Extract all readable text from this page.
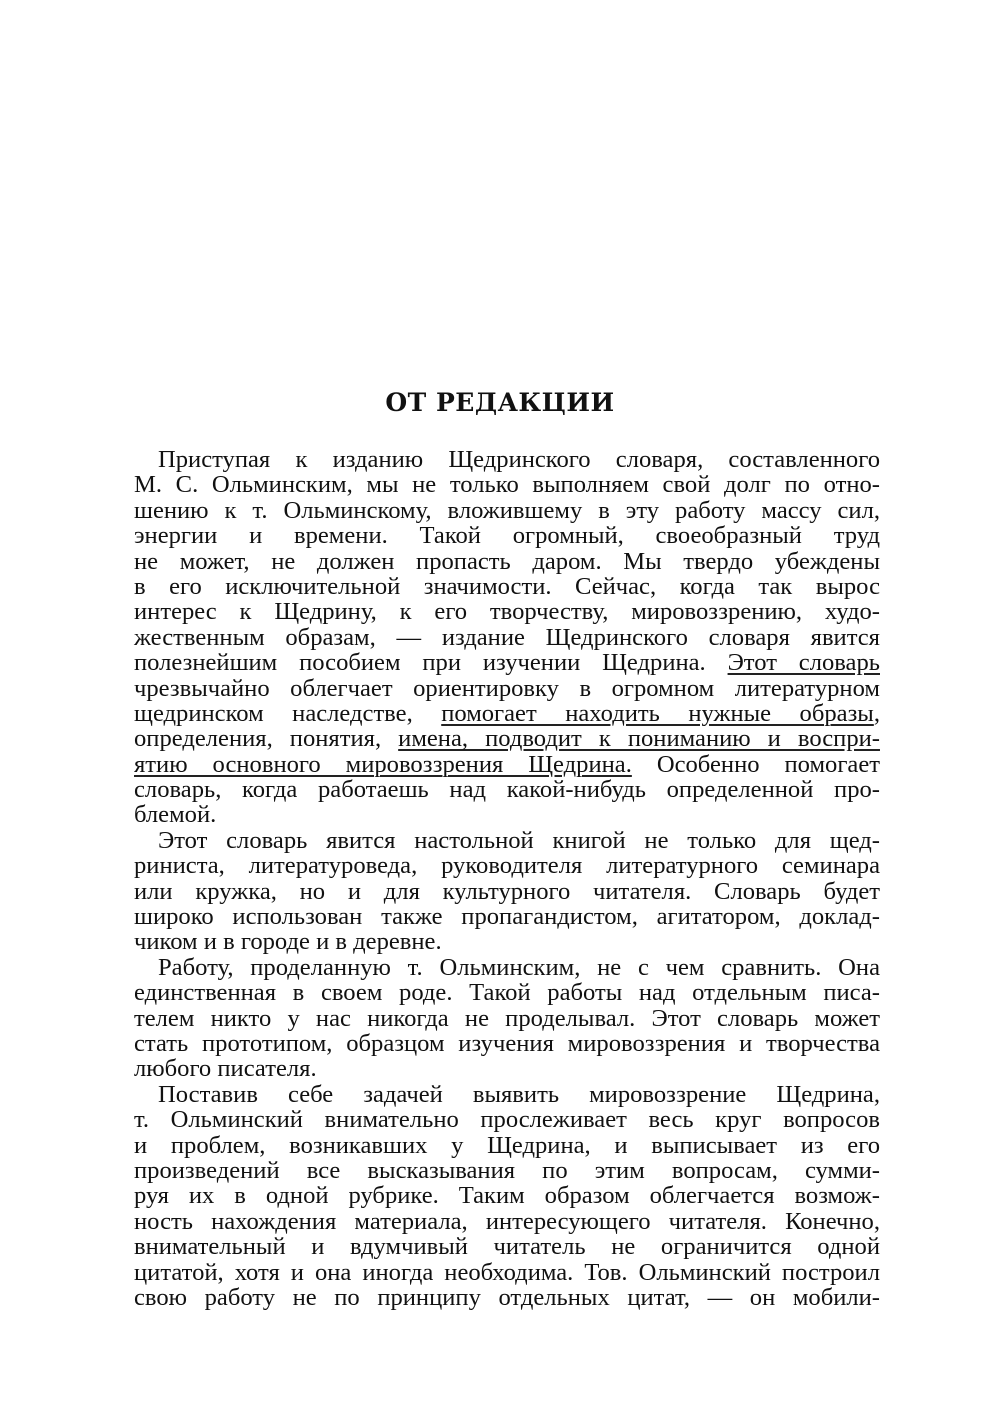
ОТ РЕДАКЦИИ
Приступая к изданию Щедринского словаря, составленного
М. С. Ольминским, мы не только выполняем свой долг по отно-
шению к т. Ольминскому, вложившему в эту работу массу сил,
энергии и времени. Такой огромный, своеобразный труд
не может, не должен пропасть даром. Мы твердо убеждены
в его исключительной значимости. Сейчас, когда так вырос
интерес к Щедрину, к его творчеству, мировоззрению, худо-
жественным образам, — издание Щедринского словаря явится
полезнейшим пособием при изучении Щедрина. Этот словарь
чрезвычайно облегчает ориентировку в огромном литературном
щедринском наследстве, помогает находить нужные образы,
определения, понятия, имена, подводит к пониманию и воспри-
ятию основного мировоззрения Щедрина. Особенно помогает
словарь, когда работаешь над какой-нибудь определенной про-
блемой.
Этот словарь явится настольной книгой не только для щед-
риниста, литературоведа, руководителя литературного семинара
или кружка, но и для культурного читателя. Словарь будет
широко использован также пропагандистом, агитатором, доклад-
чиком и в городе и в деревне.
Работу, проделанную т. Ольминским, не с чем сравнить. Она
единственная в своем роде. Такой работы над отдельным писа-
телем никто у нас никогда не проделывал. Этот словарь может
стать прототипом, образцом изучения мировоззрения и творчества
любого писателя.
Поставив себе задачей выявить мировоззрение Щедрина,
т. Ольминский внимательно прослеживает весь круг вопросов
и проблем, возникавших у Щедрина, и выписывает из его
произведений все высказывания по этим вопросам, сумми-
руя их в одной рубрике. Таким образом облегчается возмож-
ность нахождения материала, интересующего читателя. Конечно,
внимательный и вдумчивый читатель не ограничится одной
цитатой, хотя и она иногда необходима. Тов. Ольминский построил
свою работу не по принципу отдельных цитат, — он мобили-
